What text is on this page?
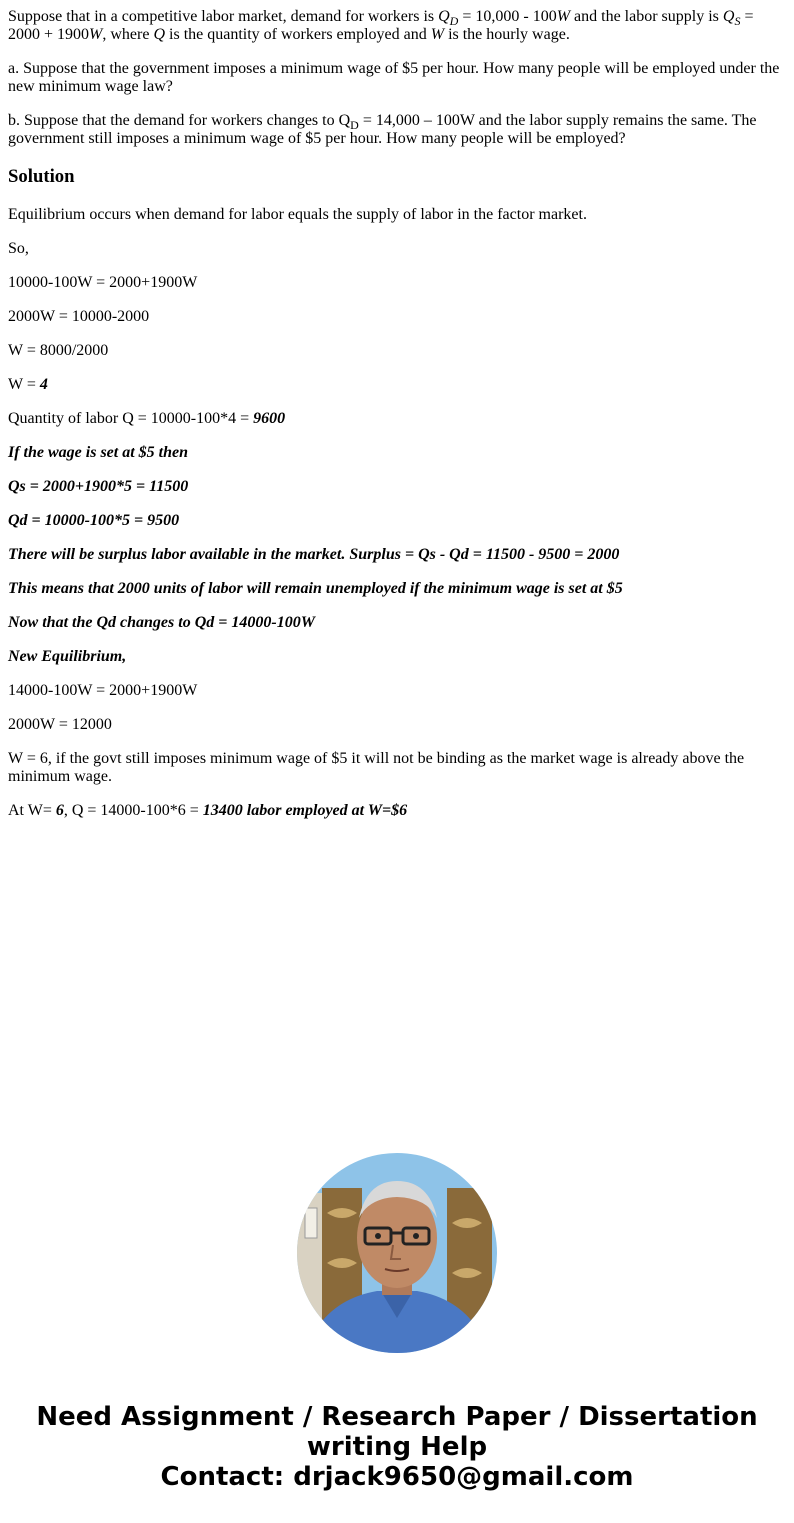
Suppose that in a competitive labor market, demand for workers is $Q_D = 10,000 - 100W$ and the labor supply is $Q_S = 2000 + 1900W$, where Q is the quantity of workers employed and W is the hourly wage.

a. Suppose that the government imposes a minimum wage of $5 per hour. How many people will be employed under the new minimum wage law?

b. Suppose that the demand for workers changes to $Q_D = 14,000 - 100W$ and the labor supply remains the same. The government still imposes a minimum wage of $5 per hour. How many people will be employed?

Solution

Equilibrium occurs when demand for labor equals the supply of labor in the factor market.

So,

10000-100W = 2000+1900W

2000W = 10000-2000

W = 8000/2000

W = 4

Quantity of labor Q = 10000-100*4 = 9600

If the wage is set at $5 then

Qs = 2000+1900*5 = 11500

Qd = 10000-100*5 = 9500

There will be surplus labor available in the market. Surplus = Qs - Qd = 11500 - 9500 = 2000

This means that 2000 units of labor will remain unemployed if the minimum wage is set at $5

Now that the Qd changes to Qd = 14000-100W

New Equilibrium,

14000-100W = 2000+1900W

2000W = 12000

W = 6, if the govt still imposes minimum wage of $5 it will not be binding as the market wage is already above the minimum wage.

At W= 6, Q = 14000-100*6 = 13400 labor employed at W=$6

Need Assignment / Research Paper / Dissertation
writing Help
Contact: drjack9650@gmail.com
